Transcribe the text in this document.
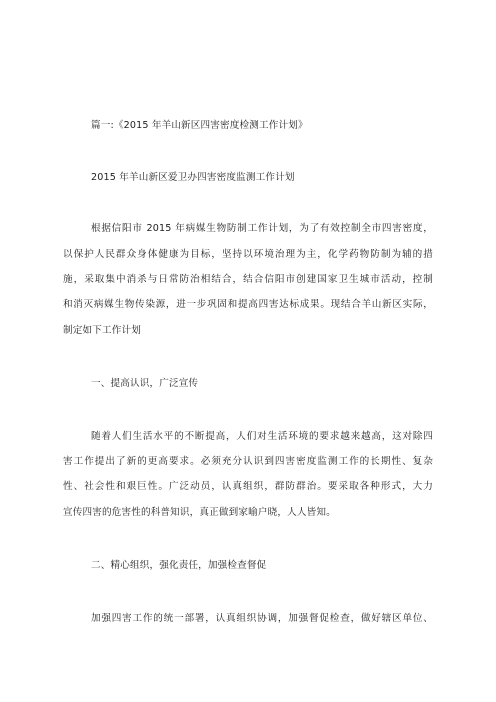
篇一:《2015 年羊山新区四害密度检测工作计划》
2015 年羊山新区爱卫办四害密度监测工作计划
根据信阳市 2015 年病媒生物防制工作计划，为了有效控制全市四害密度，
以保护人民群众身体健康为目标，坚持以环境治理为主，化学药物防制为辅的措
施，采取集中消杀与日常防治相结合，结合信阳市创建国家卫生城市活动，控制
和消灭病媒生物传染源，进一步巩固和提高四害达标成果。现结合羊山新区实际，
制定如下工作计划
一、提高认识，广泛宣传
随着人们生活水平的不断提高，人们对生活环境的要求越来越高，这对除四
害工作提出了新的更高要求。必须充分认识到四害密度监测工作的长期性、复杂
性、社会性和艰巨性。广泛动员，认真组织，群防群治。要采取各种形式，大力
宣传四害的危害性的科普知识，真正做到家喻户晓，人人皆知。
二、精心组织，强化责任，加强检查督促
加强四害工作的统一部署，认真组织协调，加强督促检查，做好辖区单位、
